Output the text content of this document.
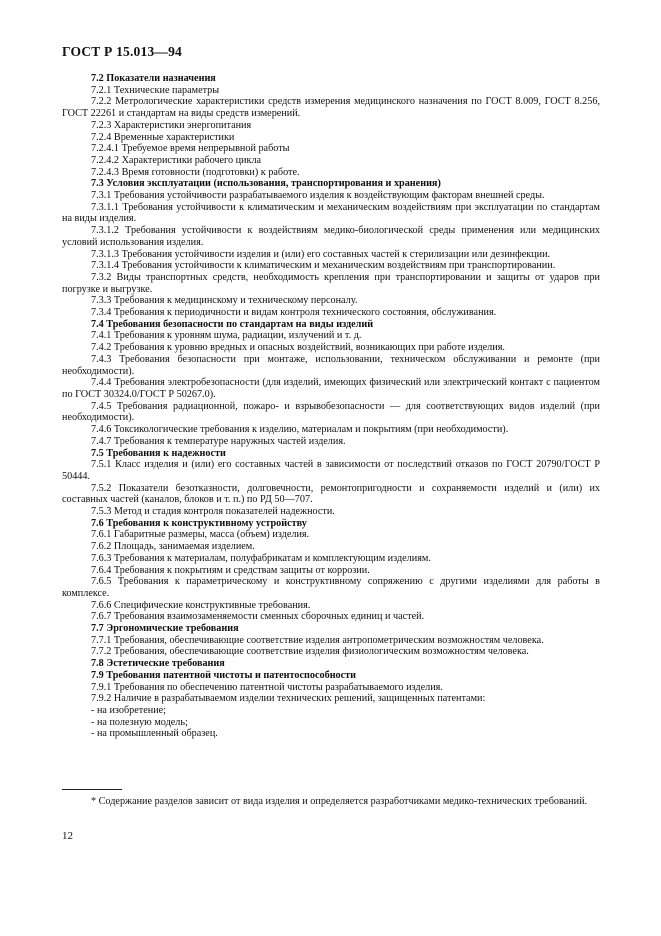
ГОСТ Р 15.013—94

7.2 Показатели назначения

7.2.1 Технические параметры

7.2.2 Метрологические характеристики средств измерения медицинского назначения по ГОСТ 8.009, ГОСТ 8.256, ГОСТ 22261 и стандартам на виды средств измерений.

7.2.3 Характеристики энергопитания

7.2.4 Временные характеристики

7.2.4.1 Требуемое время непрерывной работы

7.2.4.2 Характеристики рабочего цикла

7.2.4.3 Время готовности (подготовки) к работе.

7.3 Условия эксплуатации (использования, транспортирования и хранения)

7.3.1 Требования устойчивости разрабатываемого изделия к воздействующим факторам внешней среды.

7.3.1.1 Требования устойчивости к климатическим и механическим воздействиям при эксплуатации по стандартам на виды изделия.

7.3.1.2 Требования устойчивости к воздействиям медико-биологической среды применения или медицинских условий использования изделия.

7.3.1.3 Требования устойчивости изделия и (или) его составных частей к стерилизации или дезинфекции.

7.3.1.4 Требования устойчивости к климатическим и механическим воздействиям при транспортировании.

7.3.2 Виды транспортных средств, необходимость крепления при транспортировании и защиты от ударов при погрузке и выгрузке.

7.3.3 Требования к медицинскому и техническому персоналу.

7.3.4 Требования к периодичности и видам контроля технического состояния, обслуживания.

7.4 Требования безопасности по стандартам на виды изделий

7.4.1 Требования к уровням шума, радиации, излучений и т. д.

7.4.2 Требования к уровню вредных и опасных воздействий, возникающих при работе изделия.

7.4.3 Требования безопасности при монтаже, использовании, техническом обслуживании и ремонте (при необходимости).

7.4.4 Требования электробезопасности (для изделий, имеющих физический или электрический контакт с пациентом по ГОСТ 30324.0/ГОСТ Р 50267.0).

7.4.5 Требования радиационной, пожаро- и взрывобезопасности — для соответствующих видов изделий (при необходимости).

7.4.6 Токсикологические требования к изделию, материалам и покрытиям (при необходимости).

7.4.7 Требования к температуре наружных частей изделия.

7.5 Требования к надежности

7.5.1 Класс изделия и (или) его составных частей в зависимости от последствий отказов по ГОСТ 20790/ГОСТ Р 50444.

7.5.2 Показатели безотказности, долговечности, ремонтопригодности и сохраняемости изделий и (или) их составных частей (каналов, блоков и т. п.) по РД 50—707.

7.5.3 Метод и стадия контроля показателей надежности.

7.6 Требования к конструктивному устройству

7.6.1 Габаритные размеры, масса (объем) изделия.

7.6.2 Площадь, занимаемая изделием.

7.6.3 Требования к материалам, полуфабрикатам и комплектующим изделиям.

7.6.4 Требования к покрытиям и средствам защиты от коррозии.

7.6.5 Требования к параметрическому и конструктивному сопряжению с другими изделиями для работы в комплексе.

7.6.6 Специфические конструктивные требования.

7.6.7 Требования взаимозаменяемости сменных сборочных единиц и частей.

7.7 Эргономические требования

7.7.1 Требования, обеспечивающие соответствие изделия антропометрическим возможностям человека.

7.7.2 Требования, обеспечивающие соответствие изделия физиологическим возможностям человека.

7.8 Эстетические требования

7.9 Требования патентной чистоты и патентоспособности

7.9.1 Требования по обеспечению патентной чистоты разрабатываемого изделия.

7.9.2 Наличие в разрабатываемом изделии технических решений, защищенных патентами:

- на изобретение;

- на полезную модель;

- на промышленный образец.

* Содержание разделов зависит от вида изделия и определяется разработчиками медико-технических требований.

12
